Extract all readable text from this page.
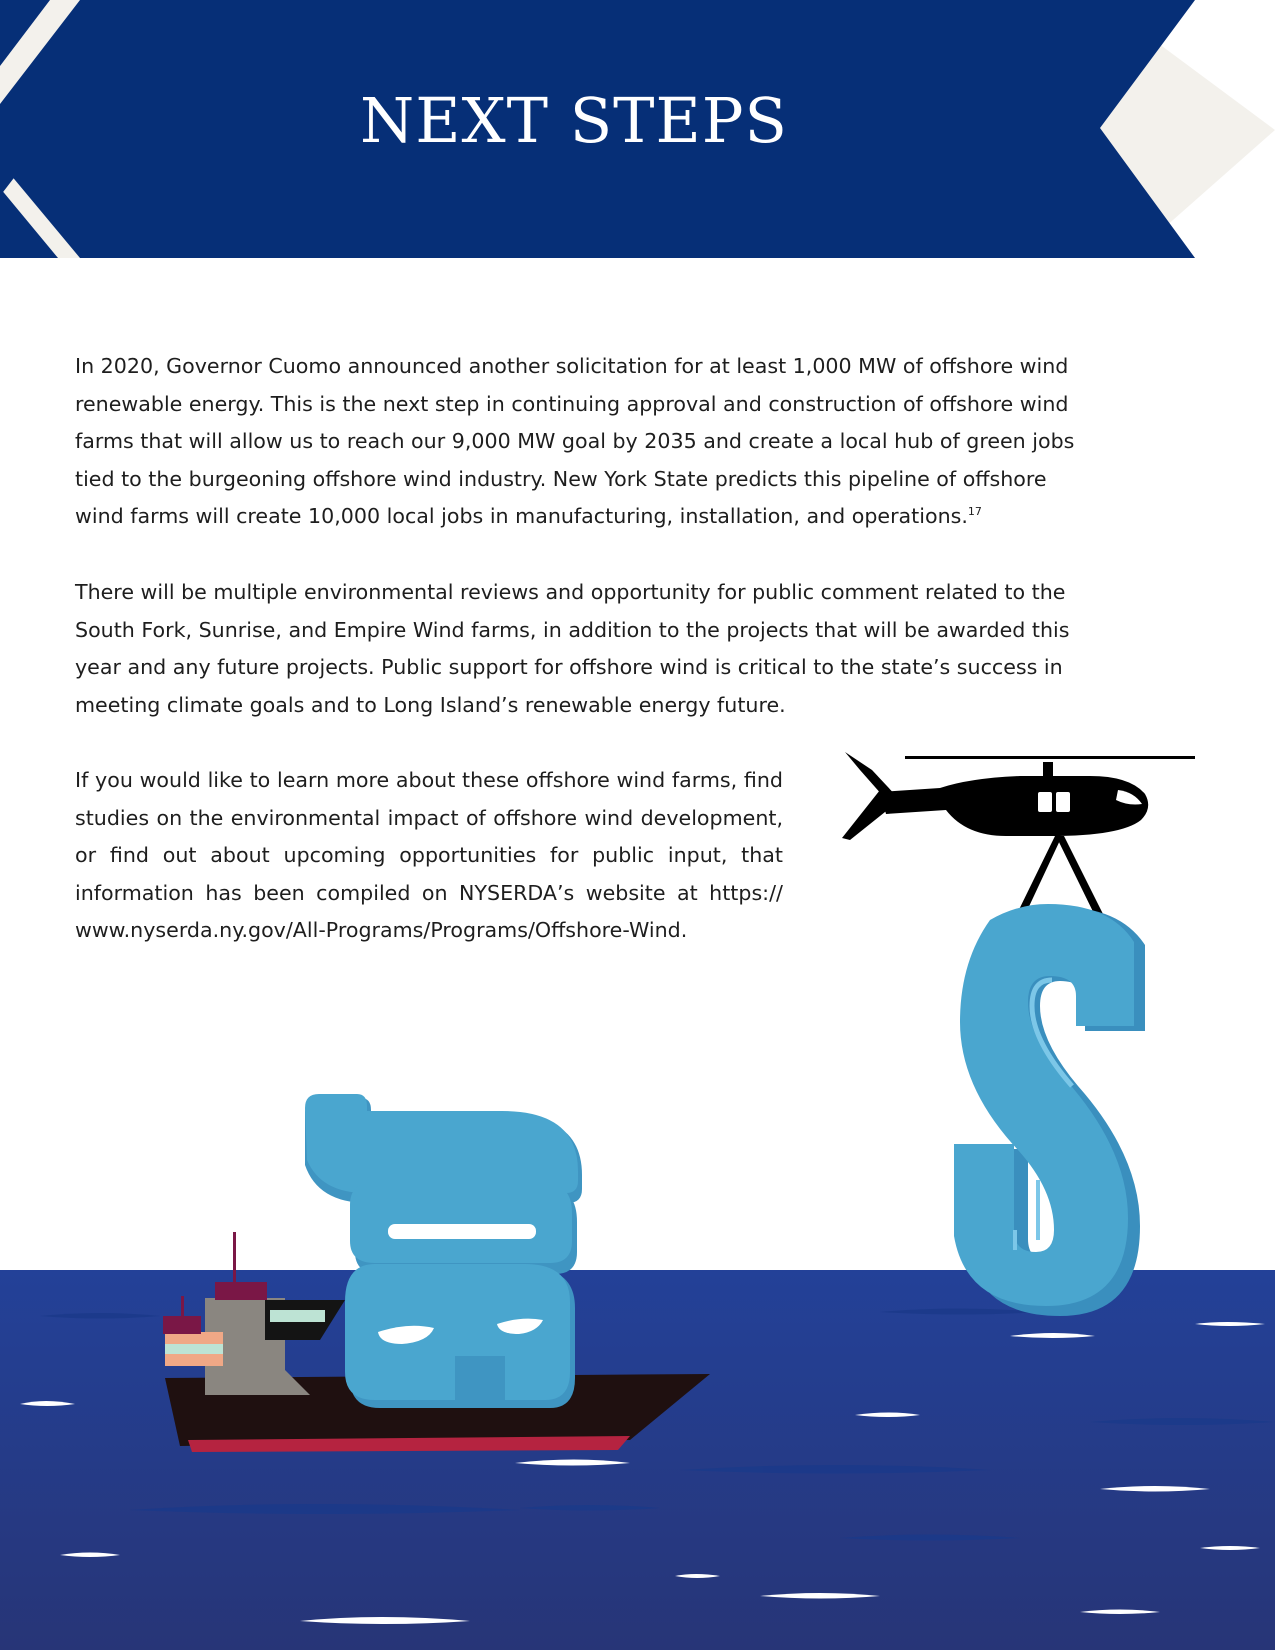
NEXT STEPS

In 2020, Governor Cuomo announced another solicitation for at least 1,000 MW of offshore wind renewable energy. This is the next step in continuing approval and construction of offshore wind farms that will allow us to reach our 9,000 MW goal by 2035 and create a local hub of green jobs tied to the burgeoning offshore wind industry. New York State predicts this pipeline of offshore wind farms will create 10,000 local jobs in manufacturing, installation, and operations.$^{17}$

There will be multiple environmental reviews and opportunity for public comment related to the South Fork, Sunrise, and Empire Wind farms, in addition to the projects that will be awarded this year and any future projects. Public support for offshore wind is critical to the state’s success in meeting climate goals and to Long Island’s renewable energy future.

If you would like to learn more about these offshore wind farms, find studies on the environmental impact of offshore wind development, or find out about upcoming opportunities for public input, that information has been compiled on NYSERDA’s website at https:// www.nyserda.ny.gov/All-Programs/Programs/Offshore-Wind.
